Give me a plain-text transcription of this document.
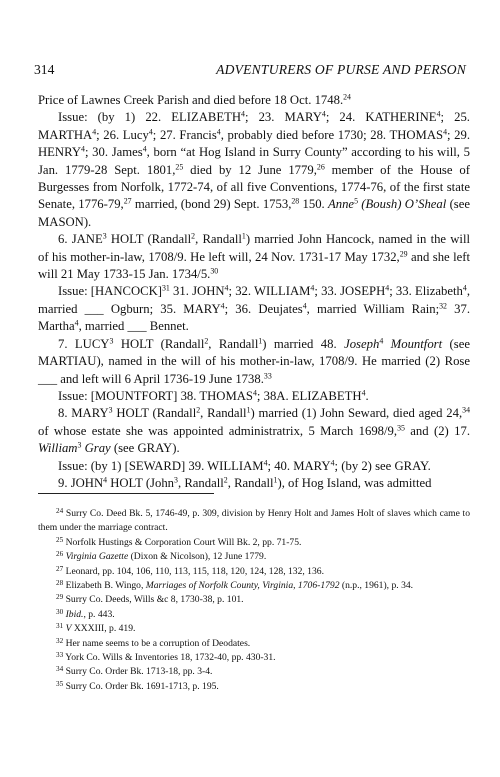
314	ADVENTURERS OF PURSE AND PERSON

Price of Lawnes Creek Parish and died before 18 Oct. 1748.24

Issue: (by 1) 22. ELIZABETH$^4$; 23. MARY$^4$; 24. KATHERINE$^4$; 25. MARTHA$^4$; 26. Lucy$^4$; 27. Francis$^4$, probably died before 1730; 28. THOMAS$^4$; 29. HENRY$^4$; 30. James$^4$, born “at Hog Island in Surry County” according to his will, 5 Jan. 1779-28 Sept. 1801,25 died by 12 June 1779,26 member of the House of Burgesses from Norfolk, 1772-74, of all five Conventions, 1774-76, of the first state Senate, 1776-79,27 married, (bond 29) Sept. 1753,28 150. Anne$^5$ (Boush) O’Sheal (see MASON).

6. JANE$^3$ HOLT (Randall$^2$, Randall$^1$) married John Hancock, named in the will of his mother-in-law, 1708/9. He left will, 24 Nov. 1731-17 May 1732,29 and she left will 21 May 1733-15 Jan. 1734/5.30

Issue: [HANCOCK]$^{31}$ 31. JOHN$^4$; 32. WILLIAM$^4$; 33. JOSEPH$^4$; 33. Elizabeth$^4$, married ___ Ogburn; 35. MARY$^4$; 36. Deujates$^4$, married William Rain;$^{32}$ 37. Martha$^4$, married ___ Bennet.

7. LUCY$^3$ HOLT (Randall$^2$, Randall$^1$) married 48. Joseph$^4$ Mountfort (see MARTIAU), named in the will of his mother-in-law, 1708/9. He married (2) Rose ___ and left will 6 April 1736-19 June 1738.33

Issue: [MOUNTFORT] 38. THOMAS$^4$; 38A. ELIZABETH$^4$.

8. MARY$^3$ HOLT (Randall$^2$, Randall$^1$) married (1) John Seward, died aged 24,34 of whose estate she was appointed administratrix, 5 March 1698/9,35 and (2) 17. William$^3$ Gray (see GRAY).

Issue: (by 1) [SEWARD] 39. WILLIAM$^4$; 40. MARY$^4$; (by 2) see GRAY.

9. JOHN$^4$ HOLT (John$^3$, Randall$^2$, Randall$^1$), of Hog Island, was admitted

$^{24}$ Surry Co. Deed Bk. 5, 1746-49, p. 309, division by Henry Holt and James Holt of slaves which came to them under the marriage contract.

$^{25}$ Norfolk Hustings & Corporation Court Will Bk. 2, pp. 71-75.

$^{26}$ Virginia Gazette (Dixon & Nicolson), 12 June 1779.

$^{27}$ Leonard, pp. 104, 106, 110, 113, 115, 118, 120, 124, 128, 132, 136.

$^{28}$ Elizabeth B. Wingo, Marriages of Norfolk County, Virginia, 1706-1792 (n.p., 1961), p. 34.

$^{29}$ Surry Co. Deeds, Wills &c 8, 1730-38, p. 101.

$^{30}$ Ibid., p. 443.

$^{31}$ V XXXIII, p. 419.

$^{32}$ Her name seems to be a corruption of Deodates.

$^{33}$ York Co. Wills & Inventories 18, 1732-40, pp. 430-31.

$^{34}$ Surry Co. Order Bk. 1713-18, pp. 3-4.

$^{35}$ Surry Co. Order Bk. 1691-1713, p. 195.
